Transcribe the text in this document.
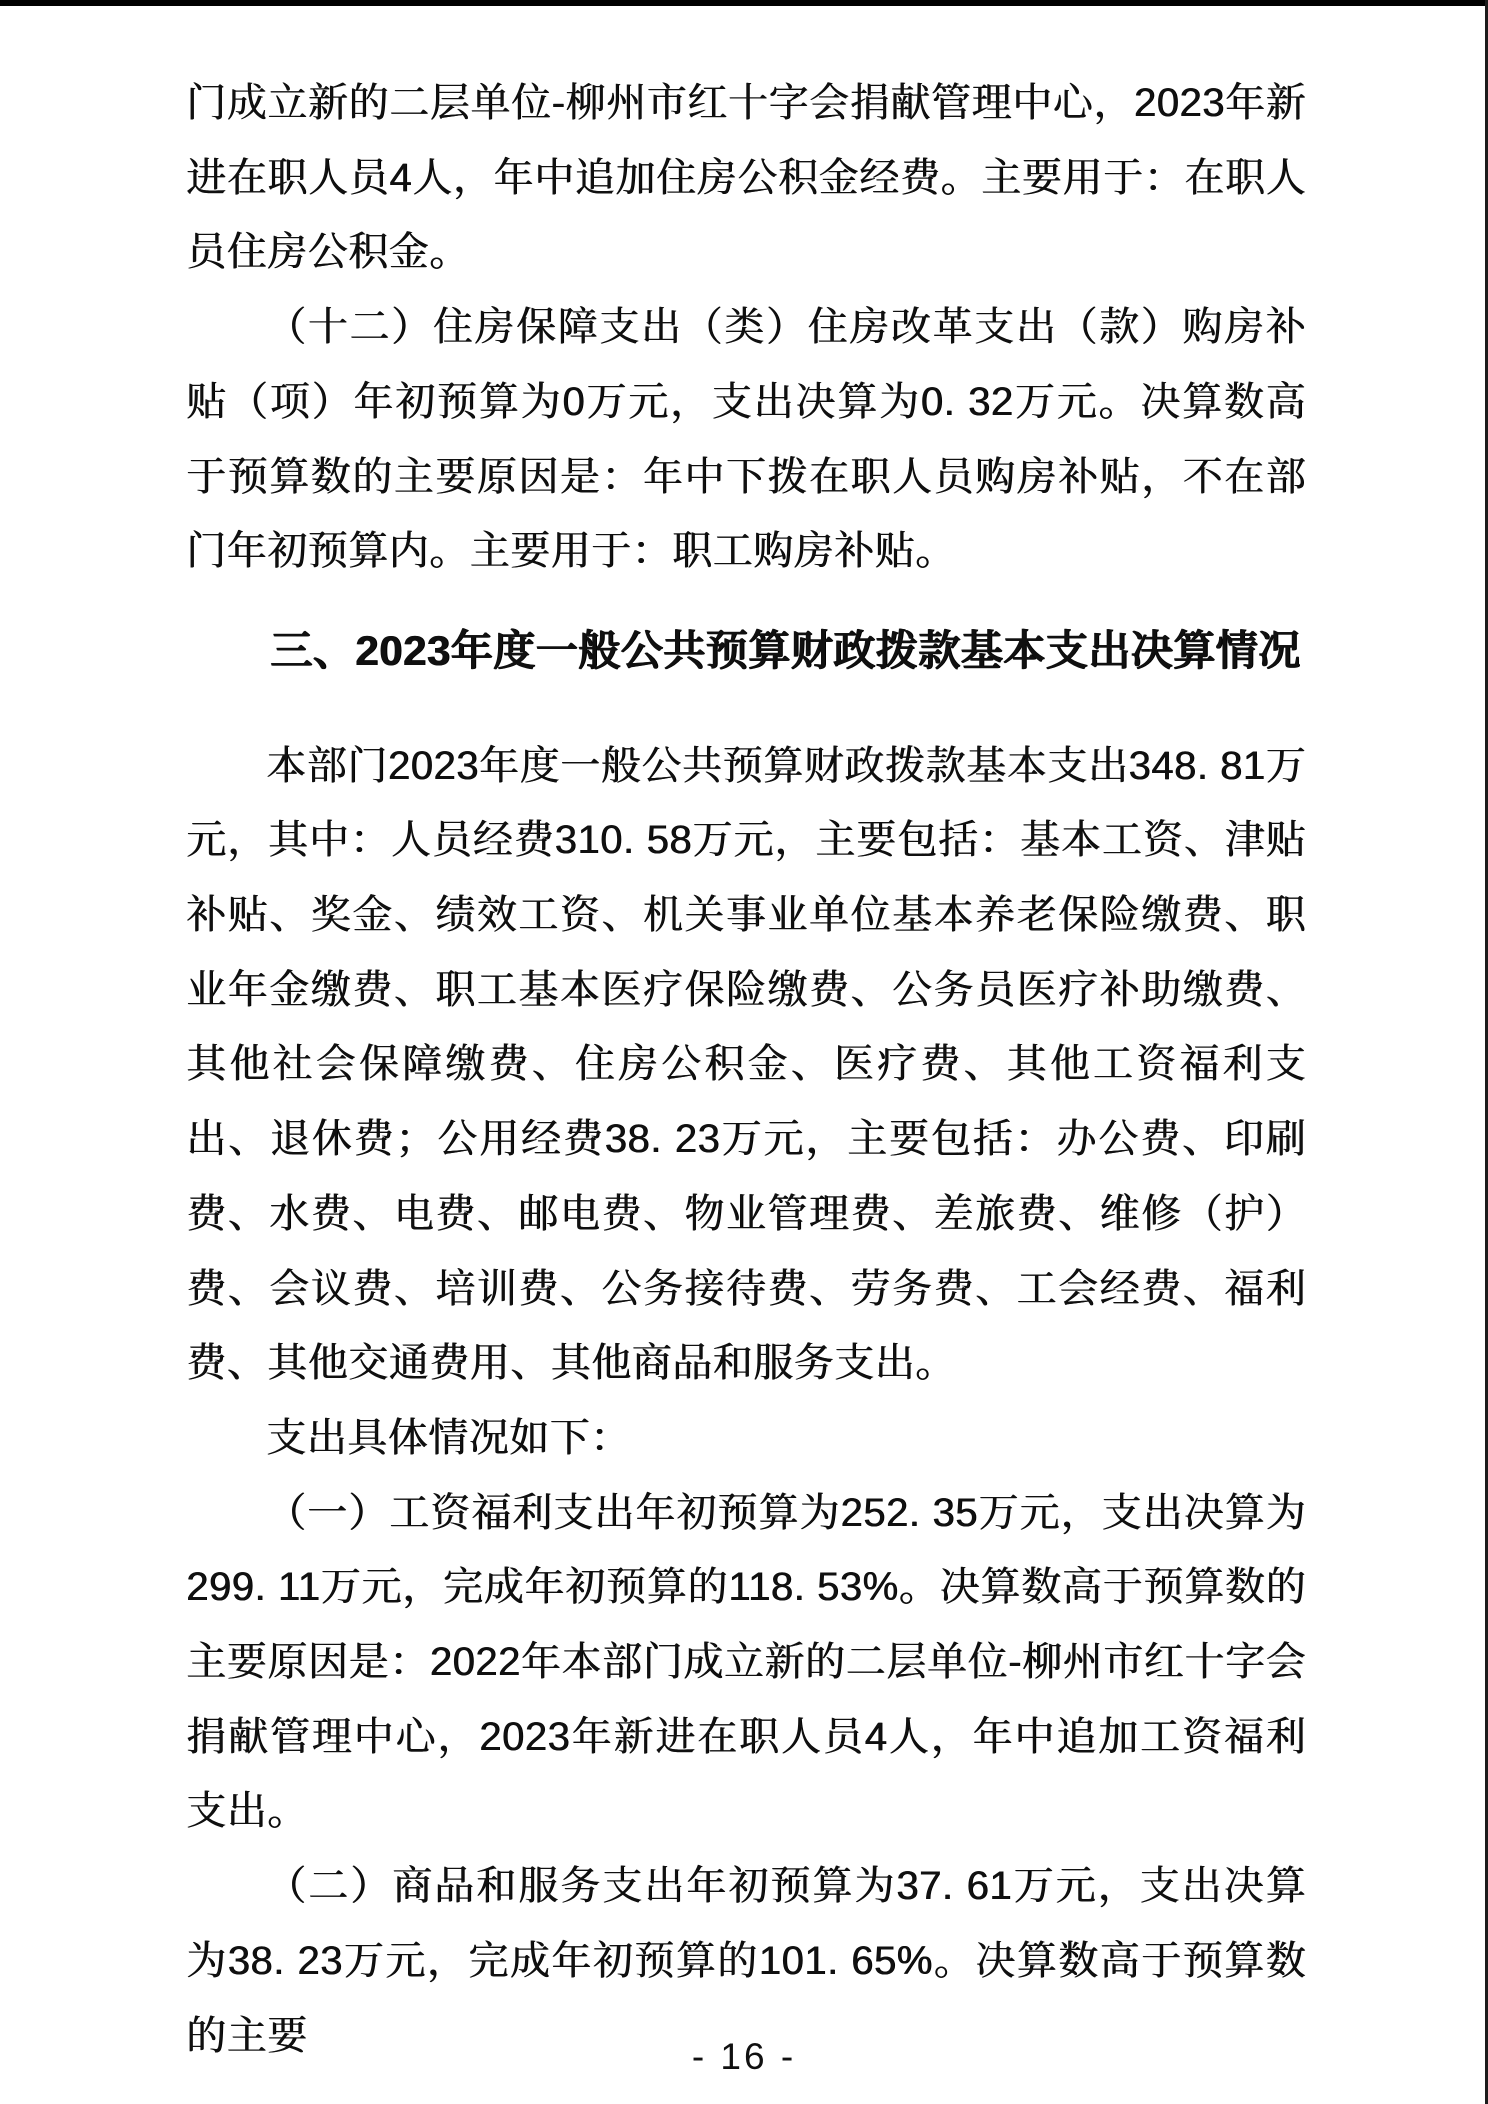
门成立新的二层单位-柳州市红十字会捐献管理中心，2023年新进在职人员4人，年中追加住房公积金经费。主要用于：在职人员住房公积金。

（十二）住房保障支出（类）住房改革支出（款）购房补贴（项）年初预算为0万元，支出决算为0. 32万元。决算数高于预算数的主要原因是：年中下拨在职人员购房补贴，不在部门年初预算内。主要用于：职工购房补贴。

三、2023年度一般公共预算财政拨款基本支出决算情况

本部门2023年度一般公共预算财政拨款基本支出348. 81万元，其中：人员经费310. 58万元，主要包括：基本工资、津贴补贴、奖金、绩效工资、机关事业单位基本养老保险缴费、职业年金缴费、职工基本医疗保险缴费、公务员医疗补助缴费、其他社会保障缴费、住房公积金、医疗费、其他工资福利支出、退休费；公用经费38. 23万元，主要包括：办公费、印刷费、水费、电费、邮电费、物业管理费、差旅费、维修（护）费、会议费、培训费、公务接待费、劳务费、工会经费、福利费、其他交通费用、其他商品和服务支出。

支出具体情况如下：

（一）工资福利支出年初预算为252. 35万元，支出决算为299. 11万元，完成年初预算的118. 53%。决算数高于预算数的主要原因是：2022年本部门成立新的二层单位-柳州市红十字会捐献管理中心，2023年新进在职人员4人，年中追加工资福利支出。

（二）商品和服务支出年初预算为37. 61万元，支出决算为38. 23万元，完成年初预算的101. 65%。决算数高于预算数的主要	- 16 -
